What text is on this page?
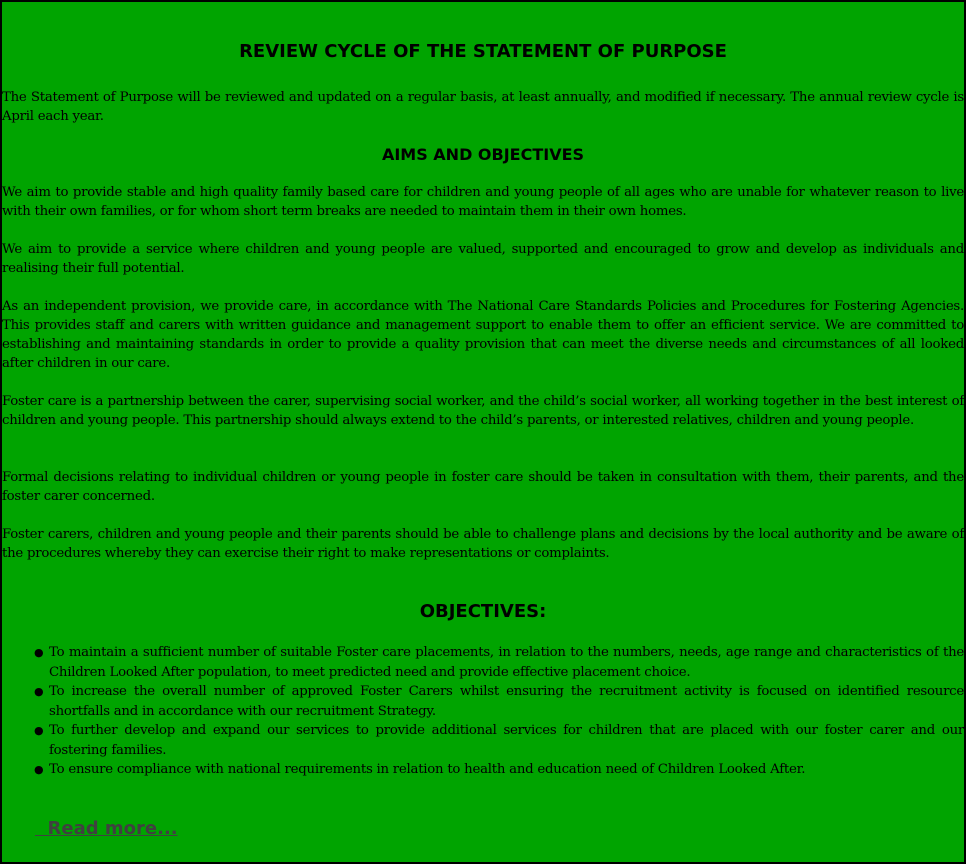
REVIEW CYCLE OF THE STATEMENT OF PURPOSE

The Statement of Purpose will be reviewed and updated on a regular basis, at least annually, and modified if necessary. The annual review cycle is April each year.

AIMS AND OBJECTIVES

We aim to provide stable and high quality family based care for children and young people of all ages who are unable for whatever reason to live with their own families, or for whom short term breaks are needed to maintain them in their own homes.

We aim to provide a service where children and young people are valued, supported and encouraged to grow and develop as individuals and realising their full potential.

As an independent provision, we provide care, in accordance with The National Care Standards Policies and Procedures for Fostering Agencies. This provides staff and carers with written guidance and management support to enable them to offer an efficient service. We are committed to establishing and maintaining standards in order to provide a quality provision that can meet the diverse needs and circumstances of all looked after children in our care.

Foster care is a partnership between the carer, supervising social worker, and the child’s social worker, all working together in the best interest of children and young people. This partnership should always extend to the child’s parents, or interested relatives, children and young people.

Formal decisions relating to individual children or young people in foster care should be taken in consultation with them, their parents, and the foster carer concerned.

Foster carers, children and young people and their parents should be able to challenge plans and decisions by the local authority and be aware of the procedures whereby they can exercise their right to make representations or complaints.

OBJECTIVES:
● To maintain a sufficient number of suitable Foster care placements, in relation to the numbers, needs, age range and characteristics of the Children Looked After population, to meet predicted need and provide effective placement choice.
● To increase the overall number of approved Foster Carers whilst ensuring the recruitment activity is focused on identified resource shortfalls and in accordance with our recruitment Strategy.
● To further develop and expand our services to provide additional services for children that are placed with our foster carer and our fostering families.
● To ensure compliance with national requirements in relation to health and education need of Children Looked After.
Read more...
